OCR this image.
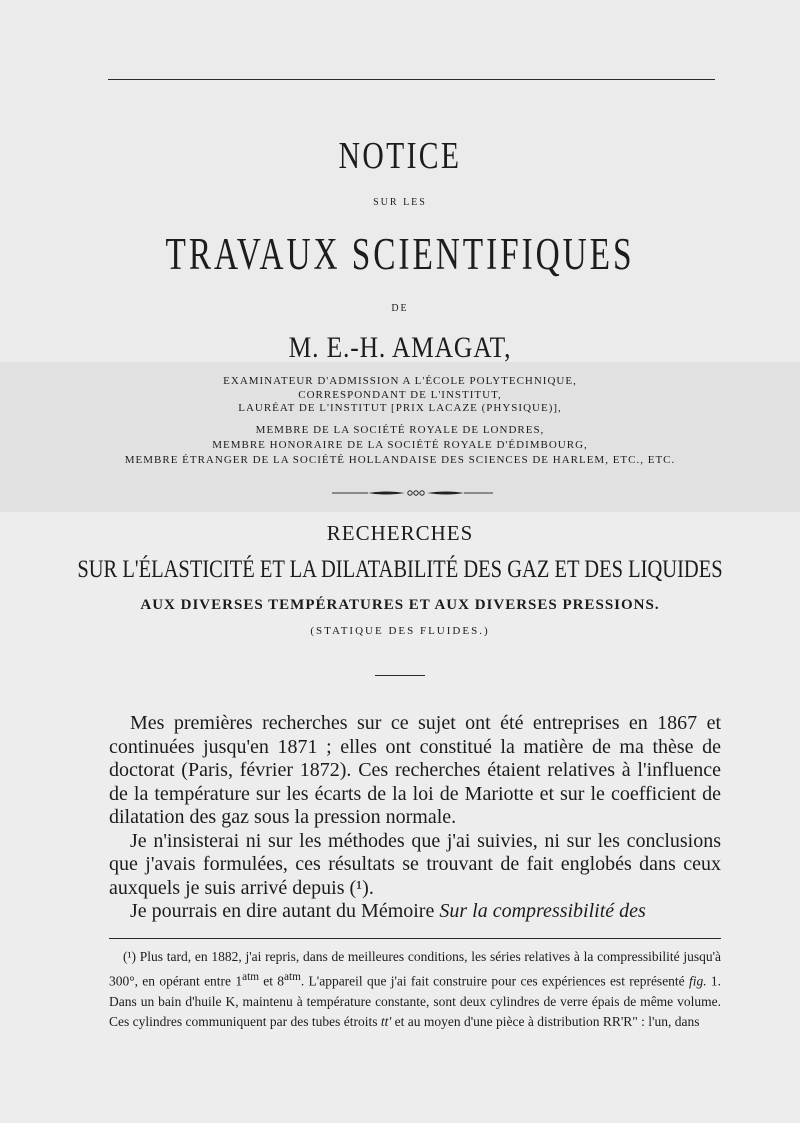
NOTICE
SUR LES
TRAVAUX SCIENTIFIQUES
DE
M. E.-H. AMAGAT,
EXAMINATEUR D'ADMISSION A L'ÉCOLE POLYTECHNIQUE,
CORRESPONDANT DE L'INSTITUT,
LAURÉAT DE L'INSTITUT [PRIX LACAZE (PHYSIQUE)],
MEMBRE DE LA SOCIÉTÉ ROYALE DE LONDRES,
MEMBRE HONORAIRE DE LA SOCIÉTÉ ROYALE D'ÉDIMBOURG,
MEMBRE ÉTRANGER DE LA SOCIÉTÉ HOLLANDAISE DES SCIENCES DE HARLEM, ETC., ETC.
RECHERCHES
SUR L'ÉLASTICITÉ ET LA DILATABILITÉ DES GAZ ET DES LIQUIDES
AUX DIVERSES TEMPÉRATURES ET AUX DIVERSES PRESSIONS.
(STATIQUE DES FLUIDES.)

Mes premières recherches sur ce sujet ont été entreprises en 1867 et continuées jusqu'en 1871 ; elles ont constitué la matière de ma thèse de doctorat (Paris, février 1872). Ces recherches étaient relatives à l'influence de la température sur les écarts de la loi de Mariotte et sur le coefficient de dilatation des gaz sous la pression normale.

Je n'insisterai ni sur les méthodes que j'ai suivies, ni sur les conclusions que j'avais formulées, ces résultats se trouvant de fait englobés dans ceux auxquels je suis arrivé depuis (¹).

Je pourrais en dire autant du Mémoire Sur la compressibilité des

(¹) Plus tard, en 1882, j'ai repris, dans de meilleures conditions, les séries relatives à la compressibilité jusqu'à 300°, en opérant entre $1^{atm}$ et $8^{atm}$. L'appareil que j'ai fait construire pour ces expériences est représenté fig. 1. Dans un bain d'huile K, maintenu à température constante, sont deux cylindres de verre épais de même volume. Ces cylindres communiquent par des tubes étroits tt' et au moyen d'une pièce à distribution RR'R" : l'un, dans
